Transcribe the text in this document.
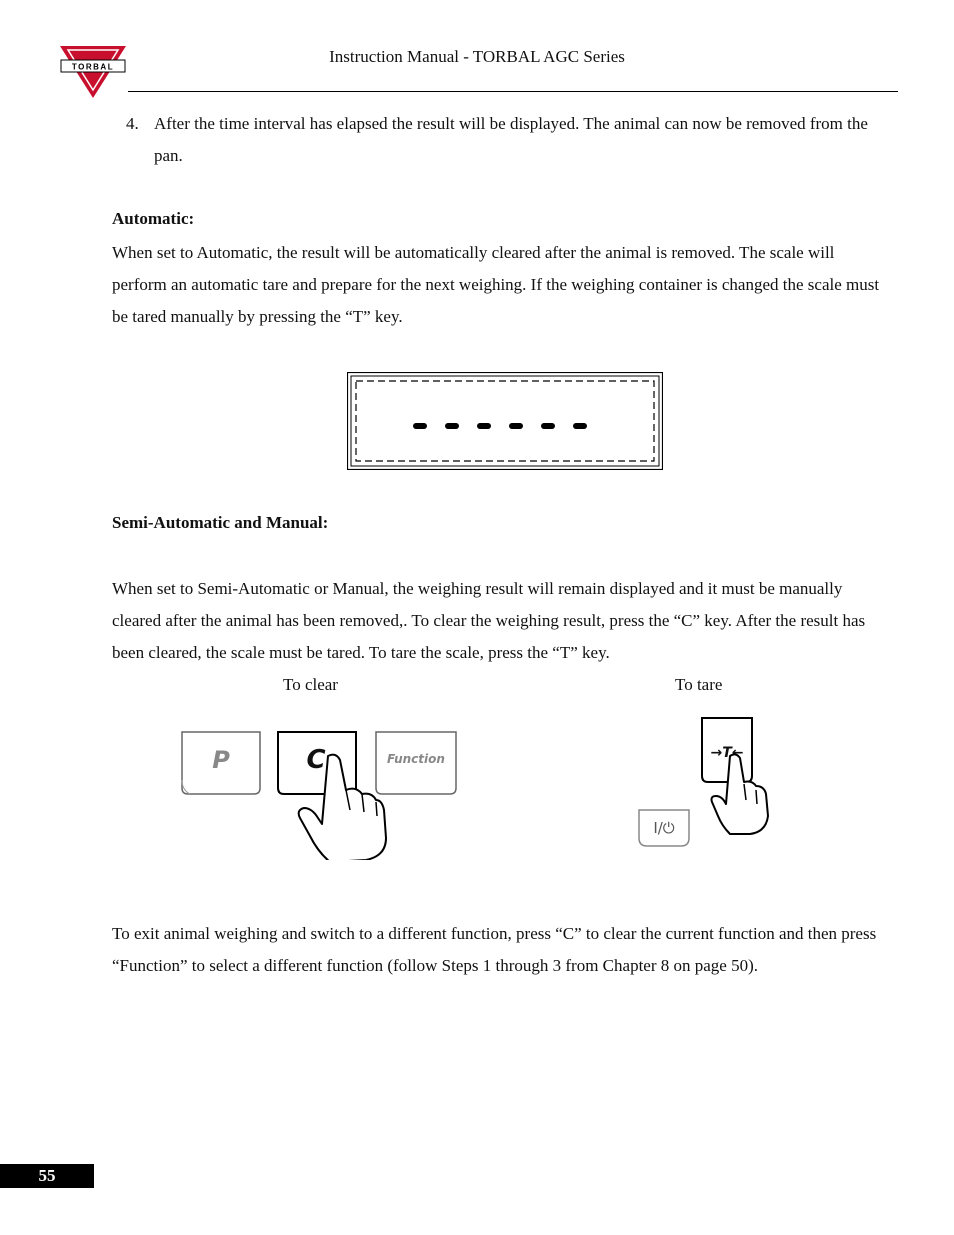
TORBAL
Instruction Manual - TORBAL AGC Series
4. After the time interval has elapsed the result will be displayed. The animal can now be removed from the pan.
Automatic:
When set to Automatic, the result will be automatically cleared after the animal is removed. The scale will perform an automatic tare and prepare for the next weighing. If the weighing container is changed the scale must be tared manually by pressing the “T” key.
Semi-Automatic and Manual:
When set to Semi-Automatic or Manual, the weighing result will remain displayed and it must be manually cleared after the animal has been removed,. To clear the weighing result, press the “C” key. After the result has been cleared, the scale must be tared. To tare the scale, press the “T” key.
To clear	To tare
P	C	Function	→T←
I/⏻
To exit animal weighing and switch to a different function, press “C” to clear the current function and then press “Function” to select a different function (follow Steps 1 through 3 from Chapter 8 on page 50).
55
